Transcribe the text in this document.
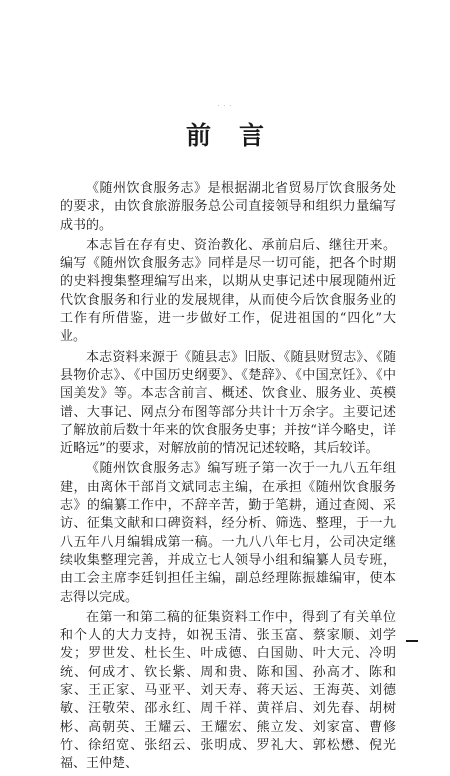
· · ·
前言

《随州饮食服务志》是根据湖北省贸易厅饮食服务处的要求，由饮食旅游服务总公司直接领导和组织力量编写成书的。

本志旨在存有史、资治教化、承前启后、继往开来。编写《随州饮食服务志》同样是尽一切可能，把各个时期的史料搜集整理编写出来，以期从史事记述中展现随州近代饮食服务和行业的发展规律，从而使今后饮食服务业的工作有所借鉴，进一步做好工作，促进祖国的“四化”大业。

本志资料来源于《随县志》旧版、《随县财贸志》、《随县物价志》、《中国历史纲要》、《楚辞》、《中国烹饪》、《中国美发》等。本志含前言、概述、饮食业、服务业、英模谱、大事记、网点分布图等部分共计十万余字。主要记述了解放前后数十年来的饮食服务史事；并按“详今略史，详近略远”的要求，对解放前的情况记述较略，其后较详。

《随州饮食服务志》编写班子第一次于一九八五年组建，由离休干部肖文斌同志主编，在承担《随州饮食服务志》的编纂工作中，不辞辛苦，勤于笔耕，通过查阅、采访、征集文献和口碑资料，经分析、筛选、整理，于一九八五年八月编辑成第一稿。一九八八年七月，公司决定继续收集整理完善，并成立七人领导小组和编纂人员专班，由工会主席李廷钊担任主编，副总经理陈振雄编审，使本志得以完成。

在第一和第二稿的征集资料工作中，得到了有关单位和个人的大力支持，如祝玉清、张玉富、蔡家顺、刘学发；罗世发、杜长生、叶成德、白国勋、叶大元、冷明统、何成才、钦长紫、周和贵、陈和国、孙高才、陈和家、王正家、马亚平、刘天寿、蒋天运、王海英、刘德敏、汪敬荣、邵永红、周千祥、黄祥启、刘先春、胡树彬、高朝英、王耀云、王耀宏、熊立发、刘家富、曹修竹、徐绍宽、张绍云、张明成、罗礼大、郭松懋、倪光福、王仲楚、
